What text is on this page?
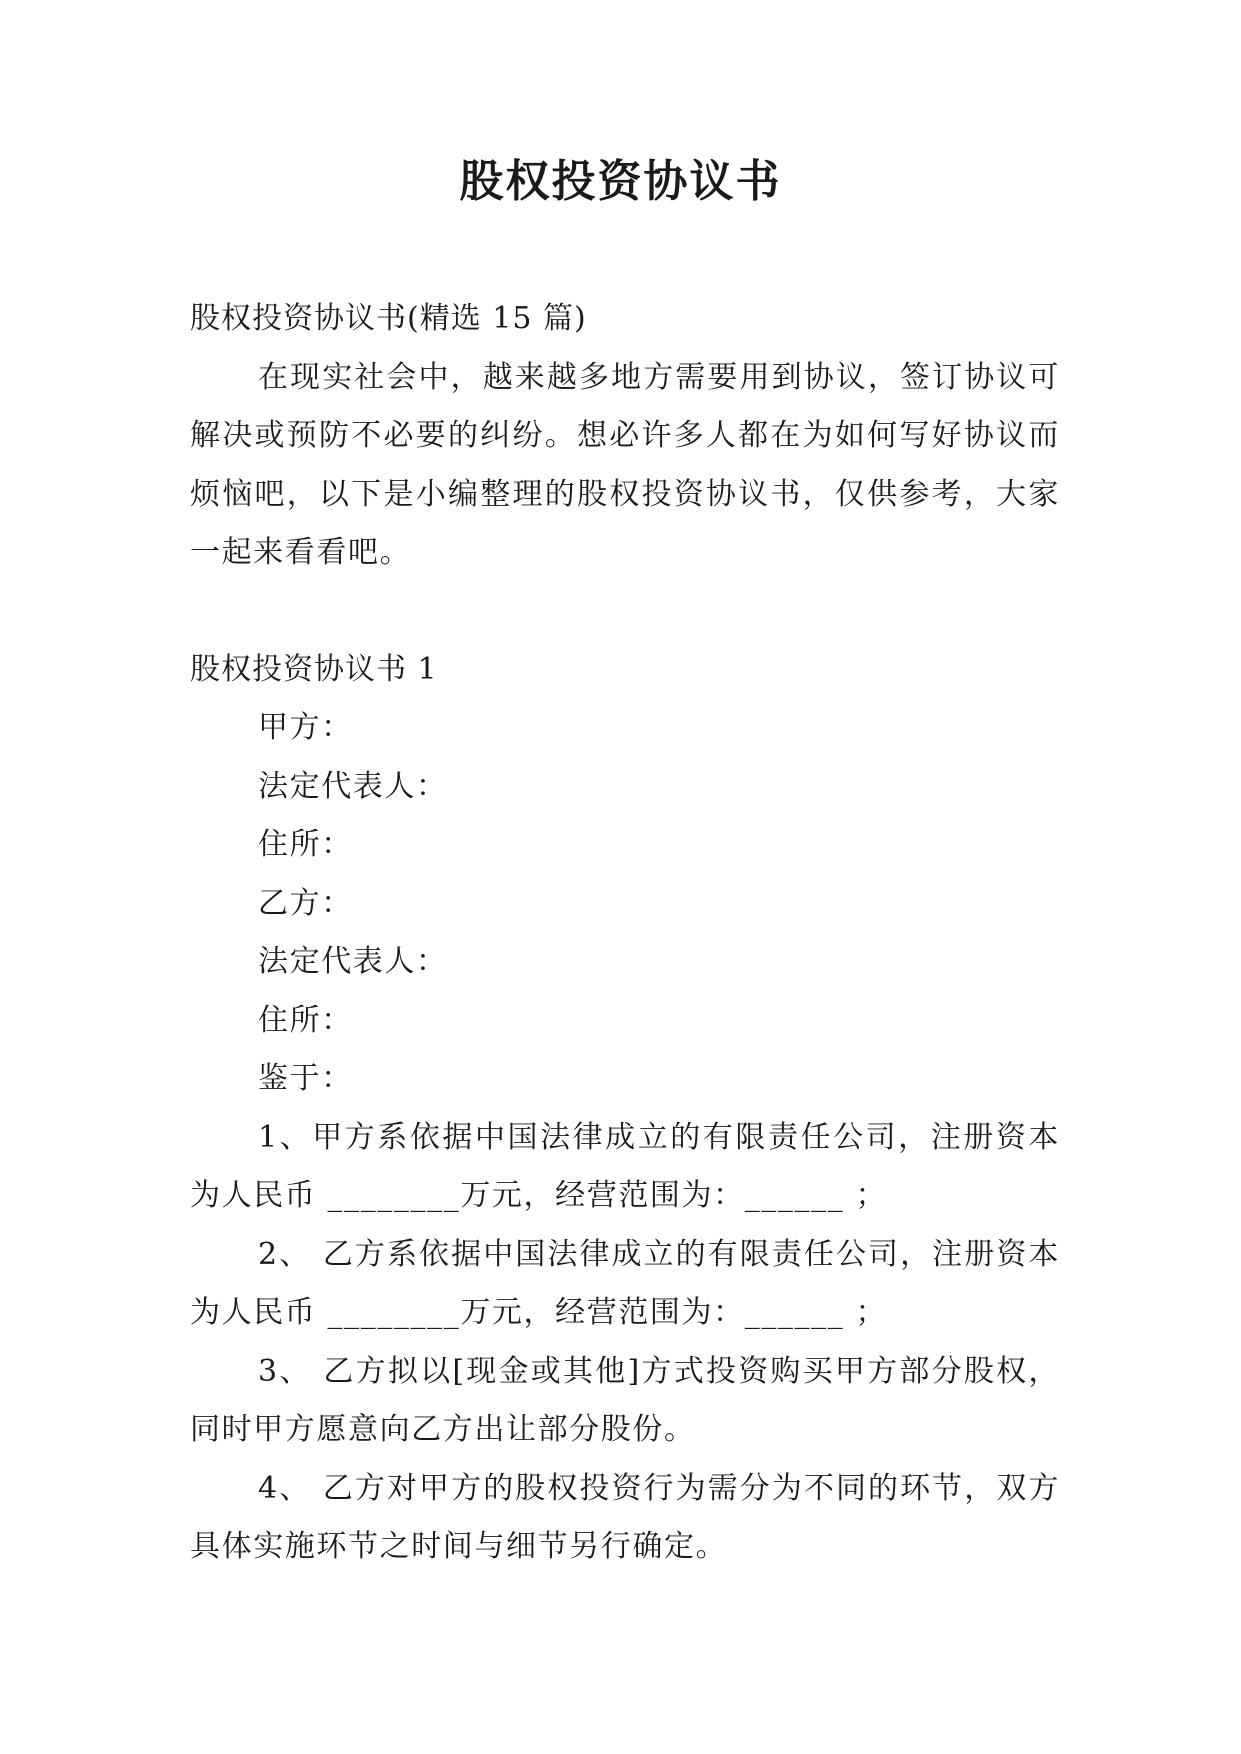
股权投资协议书

股权投资协议书(精选 15 篇)

在现实社会中，越来越多地方需要用到协议，签订协议可解决或预防不必要的纠纷。想必许多人都在为如何写好协议而烦恼吧，以下是小编整理的股权投资协议书，仅供参考，大家一起来看看吧。

股权投资协议书 1

甲方：

法定代表人：

住所：

乙方：

法定代表人：

住所：

鉴于：

1、甲方系依据中国法律成立的有限责任公司，注册资本为人民币 ________万元，经营范围为：______ ；

2、 乙方系依据中国法律成立的有限责任公司，注册资本为人民币 ________万元，经营范围为：______ ；

3、 乙方拟以[现金或其他]方式投资购买甲方部分股权，同时甲方愿意向乙方出让部分股份。

4、 乙方对甲方的股权投资行为需分为不同的环节，双方具体实施环节之时间与细节另行确定。
